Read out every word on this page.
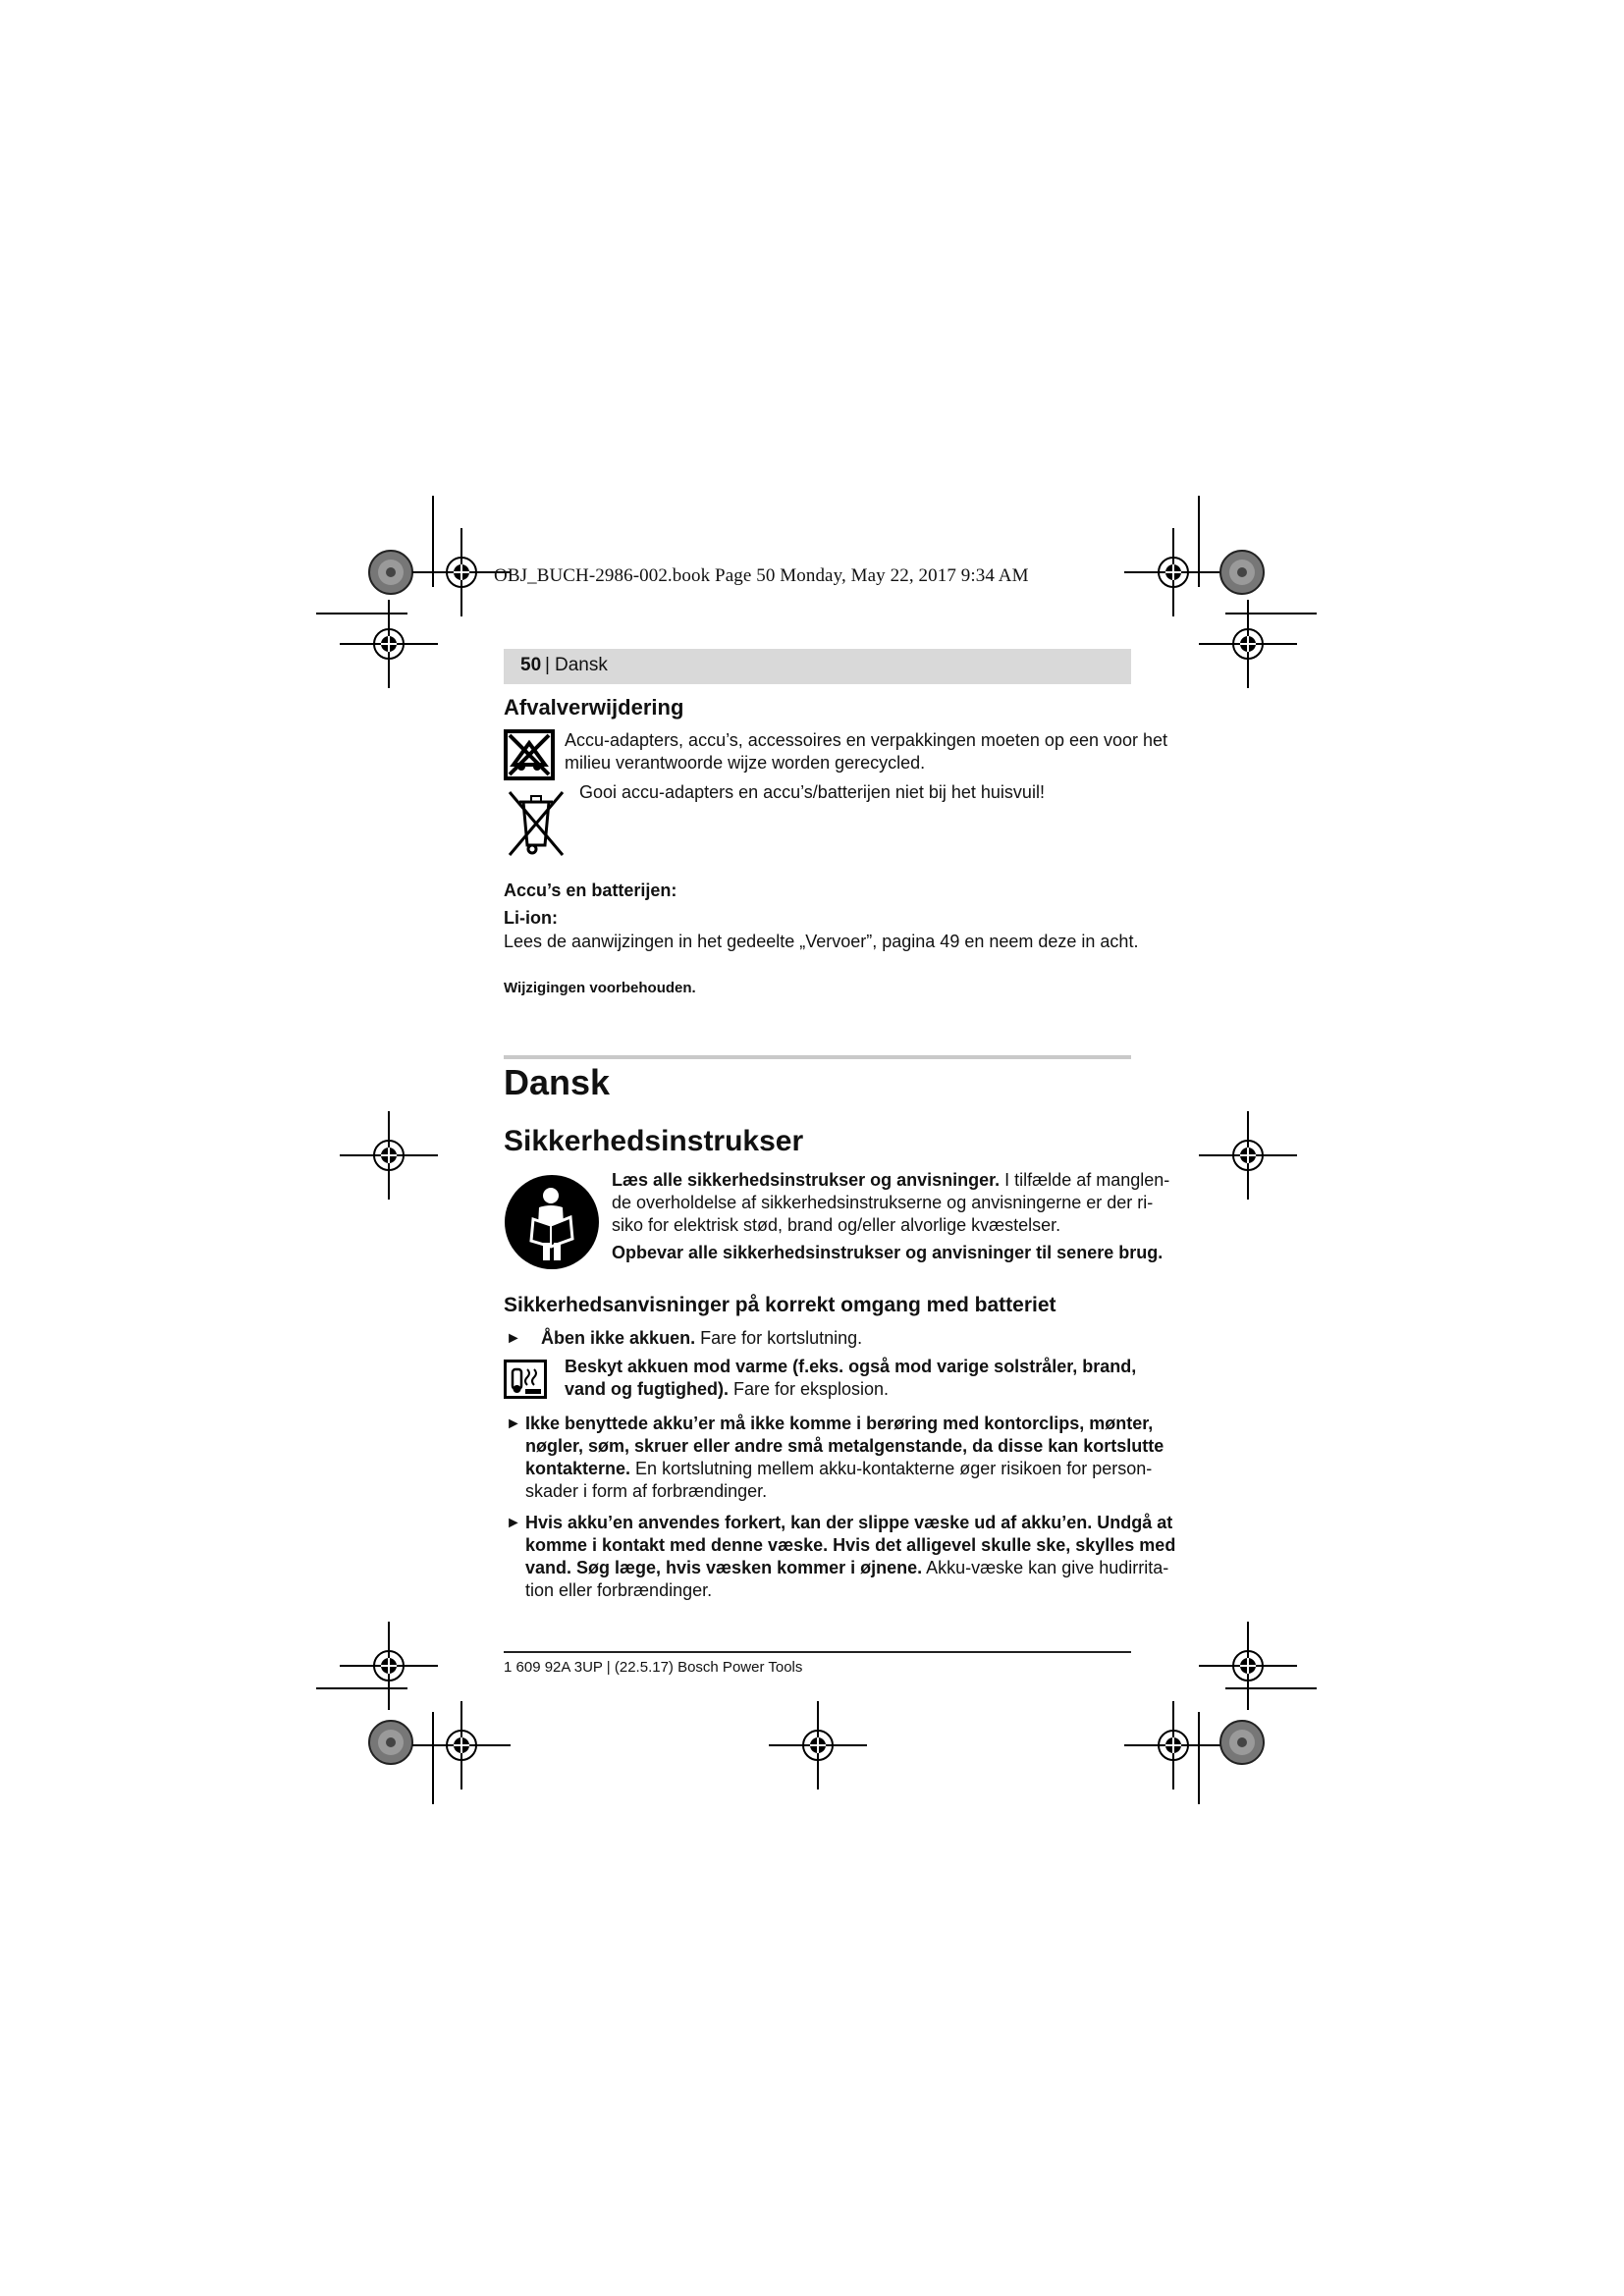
OBJ_BUCH-2986-002.book Page 50 Monday, May 22, 2017 9:34 AM
50 | Dansk
Afvalverwijdering
Accu-adapters, accu’s, accessoires en verpakkingen moeten op een voor het
milieu verantwoorde wijze worden gerecycled.
Gooi accu-adapters en accu’s/batterijen niet bij het huisvuil!
Accu’s en batterijen:
Li-ion:
Lees de aanwijzingen in het gedeelte „Vervoer”, pagina 49 en neem deze in acht.
Wijzigingen voorbehouden.
Dansk
Sikkerhedsinstrukser
Læs alle sikkerhedsinstrukser og anvisninger. I tilfælde af manglen-
de overholdelse af sikkerhedsinstrukserne og anvisningerne er der ri-
siko for elektrisk stød, brand og/eller alvorlige kvæstelser.
Opbevar alle sikkerhedsinstrukser og anvisninger til senere brug.
Sikkerhedsanvisninger på korrekt omgang med batteriet
► Åben ikke akkuen. Fare for kortslutning.
Beskyt akkuen mod varme (f.eks. også mod varige solstråler, brand,
vand og fugtighed). Fare for eksplosion.
► Ikke benyttede akku’er må ikke komme i berøring med kontorclips, mønter,
nøgler, søm, skruer eller andre små metalgenstande, da disse kan kortslutte
kontakterne. En kortslutning mellem akku-kontakterne øger risikoen for person-
skader i form af forbrændinger.
► Hvis akku’en anvendes forkert, kan der slippe væske ud af akku’en. Undgå at
komme i kontakt med denne væske. Hvis det alligevel skulle ske, skylles med
vand. Søg læge, hvis væsken kommer i øjnene. Akku-væske kan give hudirrita-
tion eller forbrændinger.
1 609 92A 3UP | (22.5.17) Bosch Power Tools
